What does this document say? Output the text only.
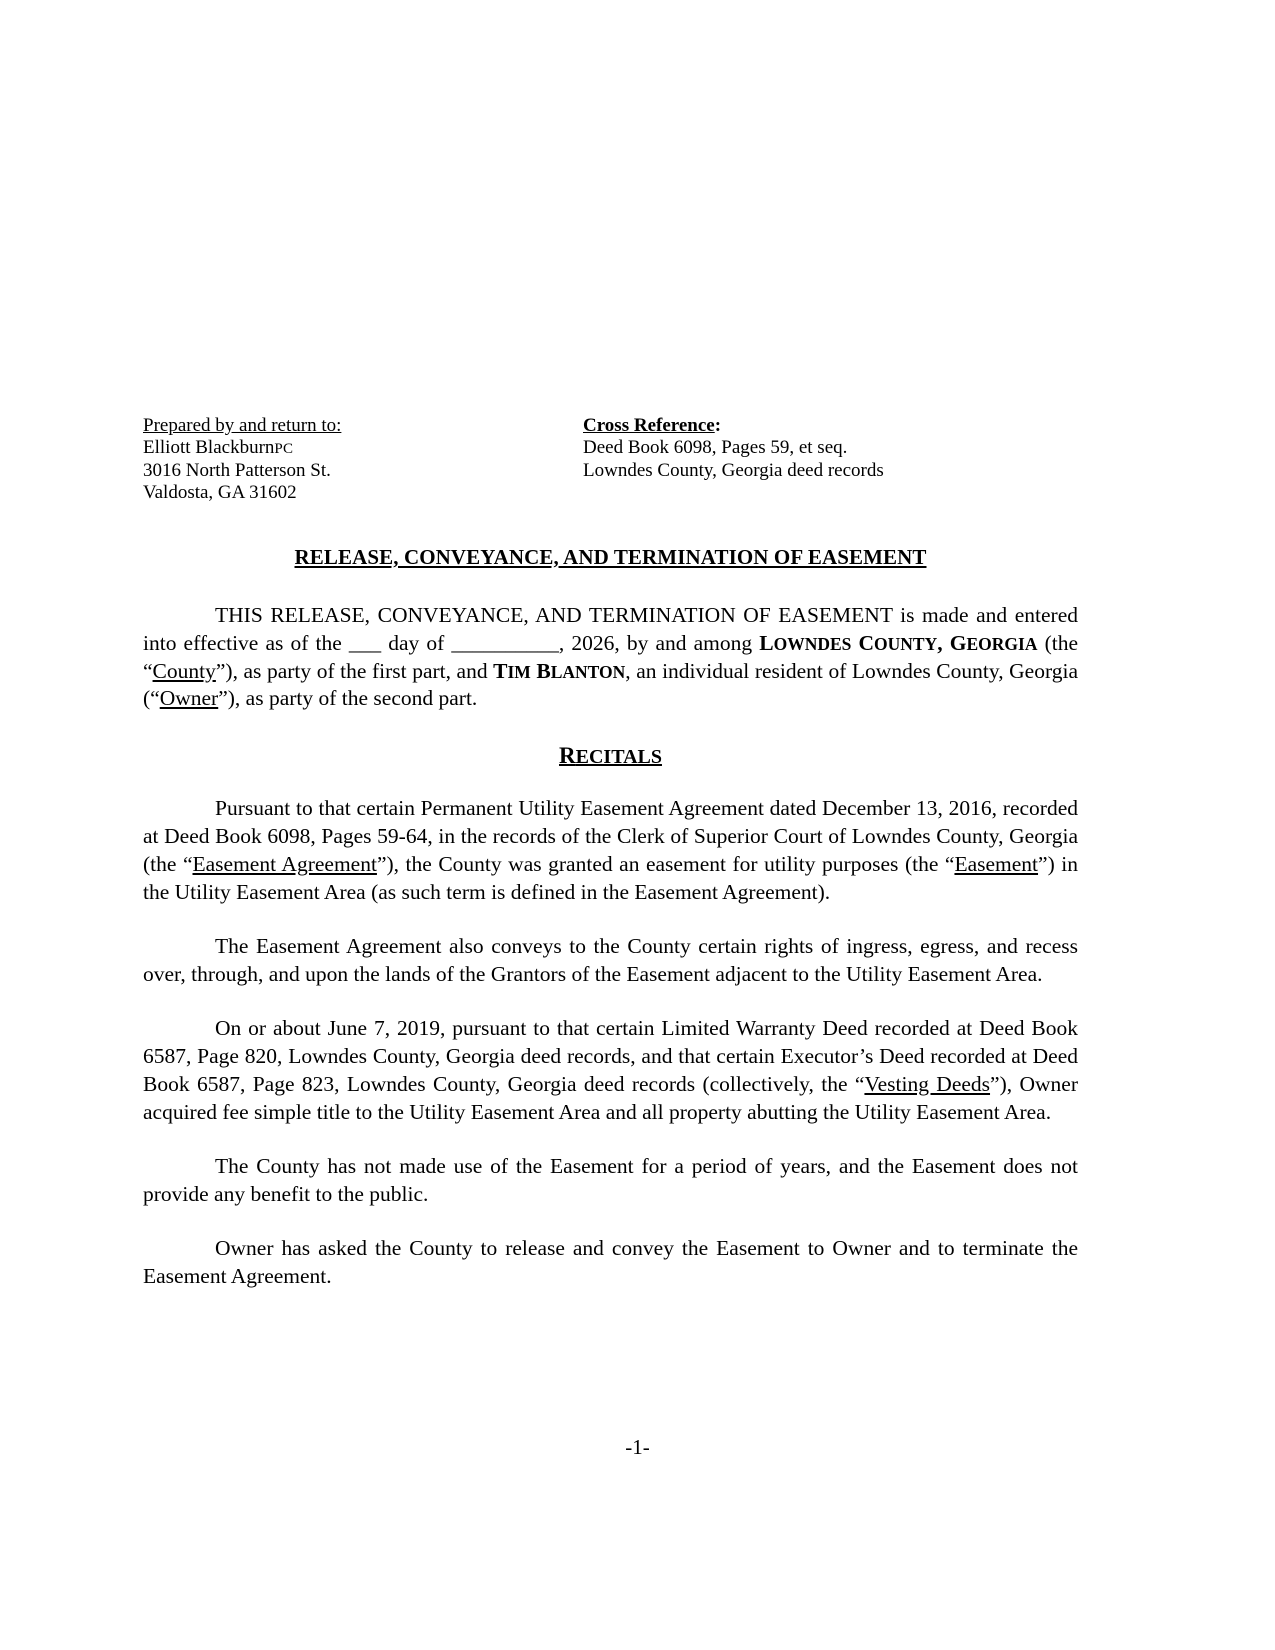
Prepared by and return to:
Elliott BlackburnPC
3016 North Patterson St.
Valdosta, GA 31602
Cross Reference:
Deed Book 6098, Pages 59, et seq.
Lowndes County, Georgia deed records
RELEASE, CONVEYANCE, AND TERMINATION OF EASEMENT

THIS RELEASE, CONVEYANCE, AND TERMINATION OF EASEMENT is made and entered into effective as of the ___ day of __________, 2026, by and among LOWNDES COUNTY, GEORGIA (the “County”), as party of the first part, and TIM BLANTON, an individual resident of Lowndes County, Georgia (“Owner”), as party of the second part.

RECITALS

Pursuant to that certain Permanent Utility Easement Agreement dated December 13, 2016, recorded at Deed Book 6098, Pages 59-64, in the records of the Clerk of Superior Court of Lowndes County, Georgia (the “Easement Agreement”), the County was granted an easement for utility purposes (the “Easement”) in the Utility Easement Area (as such term is defined in the Easement Agreement).

The Easement Agreement also conveys to the County certain rights of ingress, egress, and recess over, through, and upon the lands of the Grantors of the Easement adjacent to the Utility Easement Area.

On or about June 7, 2019, pursuant to that certain Limited Warranty Deed recorded at Deed Book 6587, Page 820, Lowndes County, Georgia deed records, and that certain Executor’s Deed recorded at Deed Book 6587, Page 823, Lowndes County, Georgia deed records (collectively, the “Vesting Deeds”), Owner acquired fee simple title to the Utility Easement Area and all property abutting the Utility Easement Area.

The County has not made use of the Easement for a period of years, and the Easement does not provide any benefit to the public.

Owner has asked the County to release and convey the Easement to Owner and to terminate the Easement Agreement.

-1-
